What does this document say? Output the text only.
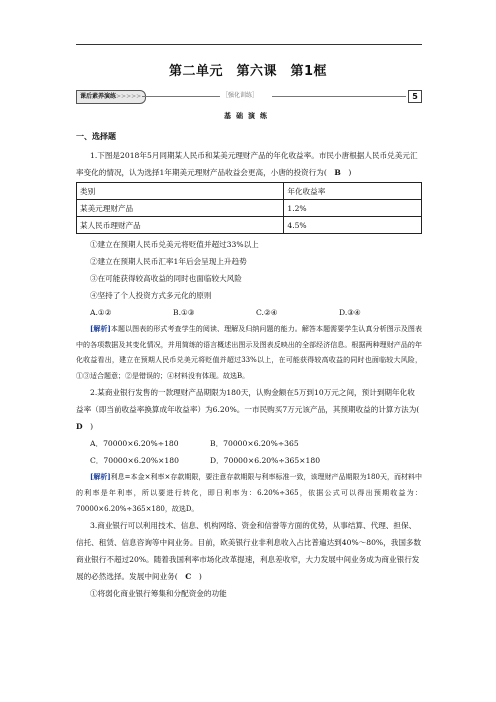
第二单元　第六课　第1框
课后素养演练>>>>>	［强化训练］	5
基础演练
一、选择题

1.下图是2018年5月同期某人民币和某美元理财产品的年化收益率。市民小唐根据人民币兑美元汇率变化的情况，认为选择1年期美元理财产品收益会更高，小唐的投资行为(　B　)

类别	年化收益率
某美元理财产品	1.2%
某人民币理财产品	4.5%

①建立在预期人民币兑美元将贬值并超过33%以上

②建立在预期人民币汇率1年后会呈现上升趋势

③在可能获得较高收益的同时也面临较大风险

④坚持了个人投资方式多元化的原则

A.①②	B.①③	C.②④	D.③④

[解析]本题以图表的形式考查学生的阅读、理解及归纳问题的能力。解答本题需要学生认真分析图示及图表中的各项数据及其变化情况，并用简练的语言概述出图示及图表反映出的全部经济信息。根据两种理财产品的年化收益看出，建立在预期人民币兑美元将贬值并超过33%以上，在可能获得较高收益的同时也面临较大风险，①③适合题意；②是错误的；④材料没有体现。故选B。

2.某商业银行发售的一款理财产品期限为180天，认购金额在5万到10万元之间，预计到期年化收益率（即当前收益率换算成年收益率）为6.20%。一市民购买7万元该产品，其预期收益的计算方法为(　D　)

A．70000×6.20%÷180	B．70000×6.20%÷365
C．70000×6.20%×180	D．70000×6.20%÷365×180

[解析]利息=本金×利率×存款期限，要注意存款期限与利率标准一致，该理财产品期限为180天，而材料中的利率是年利率，所以要进行转化，即日利率为：6.20%÷365，依据公式可以得出预期收益为：70000×6.20%÷365×180，故选D。

3.商业银行可以利用技术、信息、机构网络、资金和信誉等方面的优势，从事结算、代理、担保、信托、租赁、信息咨询等中间业务。目前，欧美银行业非利息收入占比普遍达到40%～80%，我国多数商业银行不超过20%。随着我国利率市场化改革提速，利息差收窄，大力发展中间业务成为商业银行发展的必然选择。发展中间业务(　C　)

①将弱化商业银行筹集和分配资金的功能
